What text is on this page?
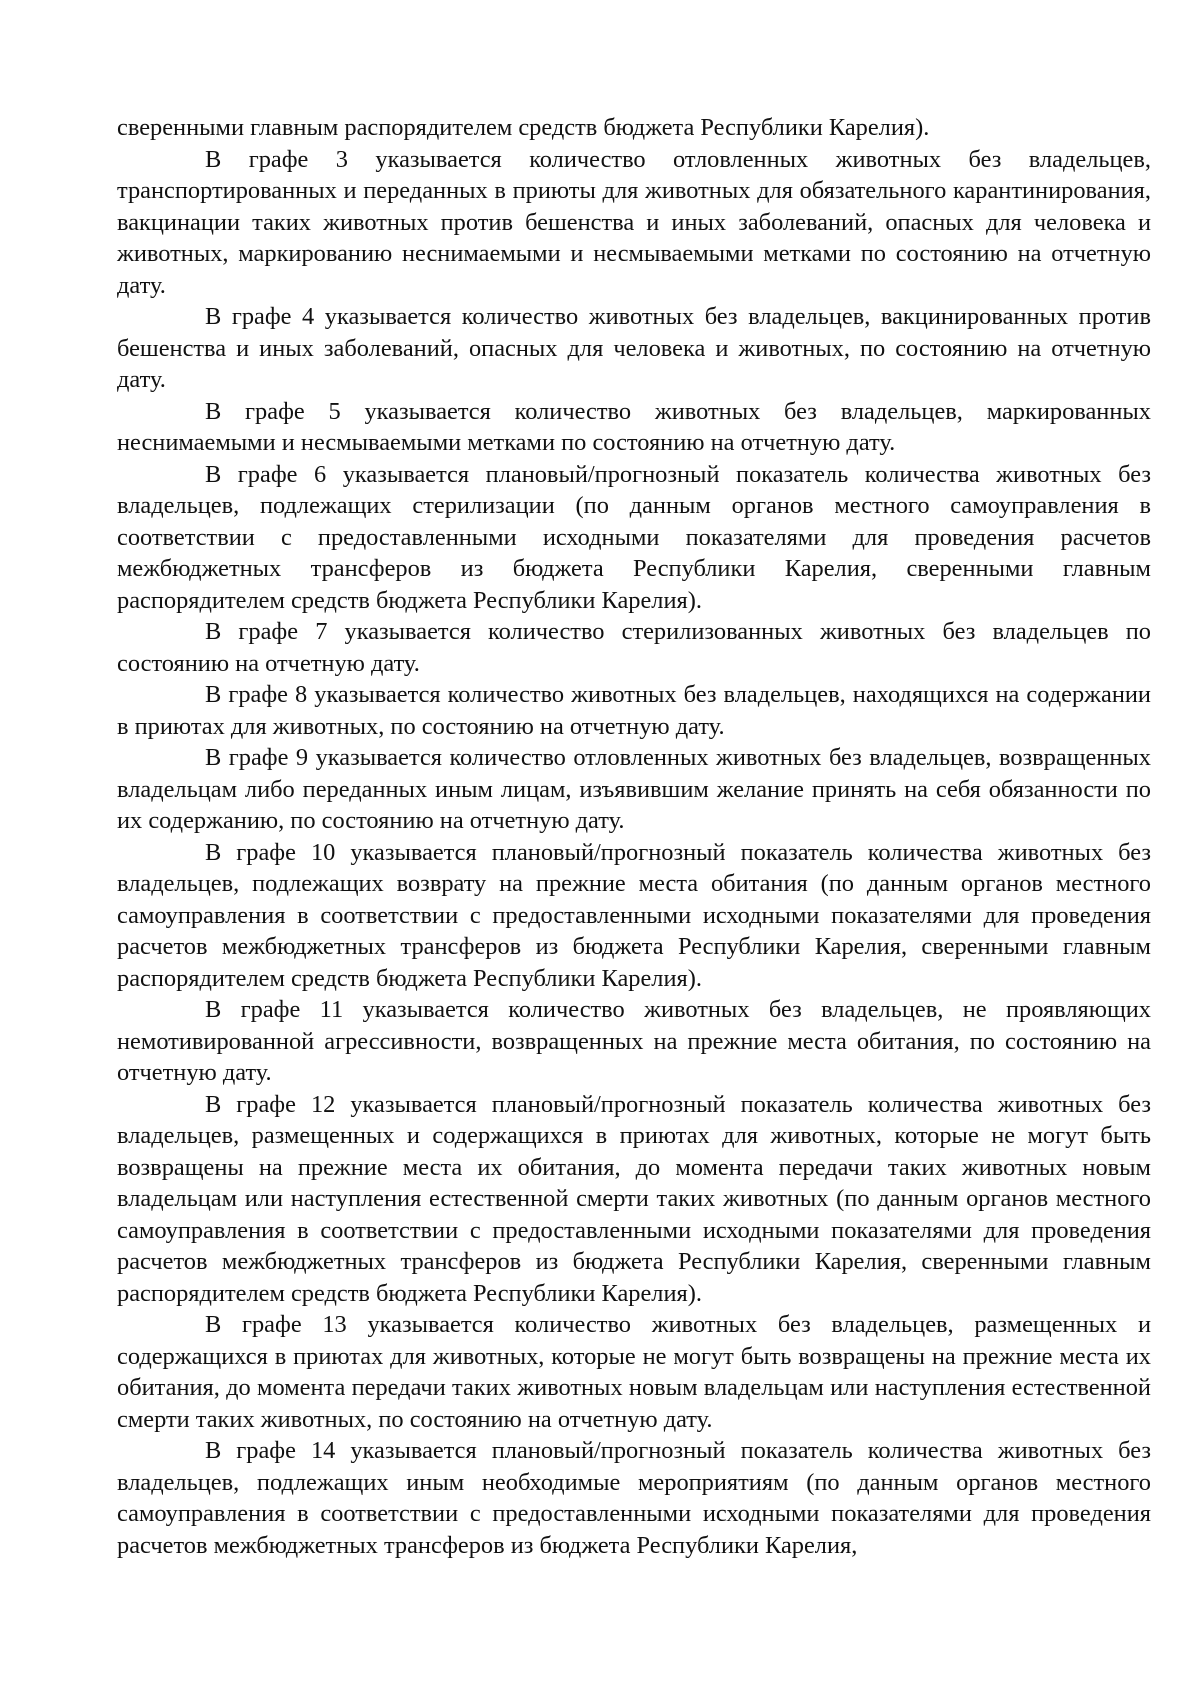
сверенными главным распорядителем средств бюджета Республики Карелия).

В графе 3 указывается количество отловленных животных без владельцев, транспортированных и переданных в приюты для животных для обязательного карантинирования, вакцинации таких животных против бешенства и иных заболеваний, опасных для человека и животных, маркированию неснимаемыми и несмываемыми метками по состоянию на отчетную дату.

В графе 4 указывается количество животных без владельцев, вакцинированных против бешенства и иных заболеваний, опасных для человека и животных, по состоянию на отчетную дату.

В графе 5 указывается количество животных без владельцев, маркированных неснимаемыми и несмываемыми метками по состоянию на отчетную дату.

В графе 6 указывается плановый/прогнозный показатель количества животных без владельцев, подлежащих стерилизации (по данным органов местного самоуправления в соответствии с предоставленными исходными показателями для проведения расчетов межбюджетных трансферов из бюджета Республики Карелия, сверенными главным распорядителем средств бюджета Республики Карелия).

В графе 7 указывается количество стерилизованных животных без владельцев по состоянию на отчетную дату.

В графе 8 указывается количество животных без владельцев, находящихся на содержании в приютах для животных, по состоянию на отчетную дату.

В графе 9 указывается количество отловленных животных без владельцев, возвращенных владельцам либо переданных иным лицам, изъявившим желание принять на себя обязанности по их содержанию, по состоянию на отчетную дату.

В графе 10 указывается плановый/прогнозный показатель количества животных без владельцев, подлежащих возврату на прежние места обитания (по данным органов местного самоуправления в соответствии с предоставленными исходными показателями для проведения расчетов межбюджетных трансферов из бюджета Республики Карелия, сверенными главным распорядителем средств бюджета Республики Карелия).

В графе 11 указывается количество животных без владельцев, не проявляющих немотивированной агрессивности, возвращенных на прежние места обитания, по состоянию на отчетную дату.

В графе 12 указывается плановый/прогнозный показатель количества животных без владельцев, размещенных и содержащихся в приютах для животных, которые не могут быть возвращены на прежние места их обитания, до момента передачи таких животных новым владельцам или наступления естественной смерти таких животных (по данным органов местного самоуправления в соответствии с предоставленными исходными показателями для проведения расчетов межбюджетных трансферов из бюджета Республики Карелия, сверенными главным распорядителем средств бюджета Республики Карелия).

В графе 13 указывается количество животных без владельцев, размещенных и содержащихся в приютах для животных, которые не могут быть возвращены на прежние места их обитания, до момента передачи таких животных новым владельцам или наступления естественной смерти таких животных, по состоянию на отчетную дату.

В графе 14 указывается плановый/прогнозный показатель количества животных без владельцев, подлежащих иным необходимые мероприятиям (по данным органов местного самоуправления в соответствии с предоставленными исходными показателями для проведения расчетов межбюджетных трансферов из бюджета Республики Карелия,
